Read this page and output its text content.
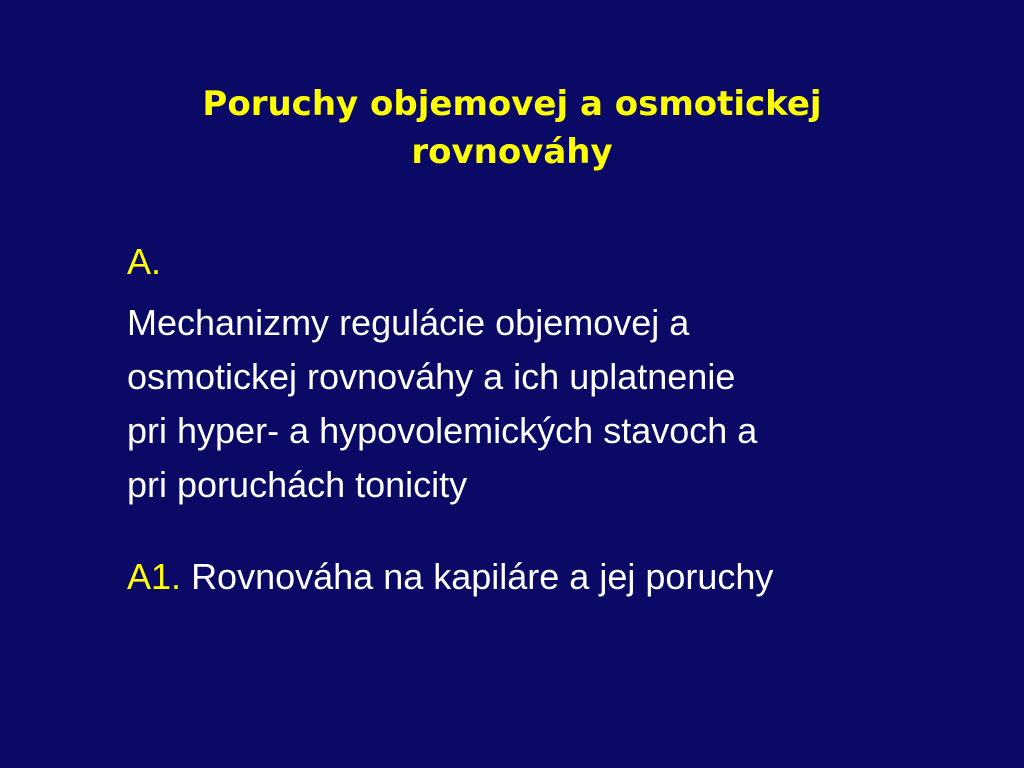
Poruchy objemovej a osmotickej
rovnováhy
A.
Mechanizmy regulácie objemovej a
osmotickej rovnováhy a ich uplatnenie
pri hyper- a hypovolemických stavoch a
pri poruchách tonicity
A1. Rovnováha na kapiláre a jej poruchy
